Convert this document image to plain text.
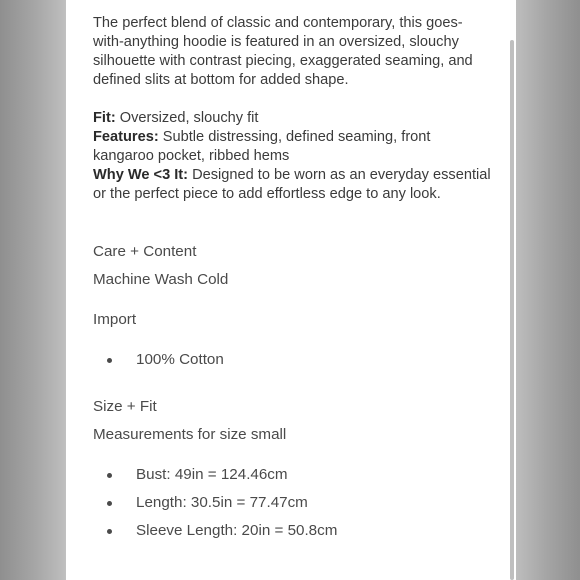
The perfect blend of classic and contemporary, this goes-with-anything hoodie is featured in an oversized, slouchy silhouette with contrast piecing, exaggerated seaming, and defined slits at bottom for added shape.

Fit: Oversized, slouchy fit

Features: Subtle distressing, defined seaming, front kangaroo pocket, ribbed hems

Why We <3 It: Designed to be worn as an everyday essential or the perfect piece to add effortless edge to any look.

Care + Content

Machine Wash Cold

Import

100% Cotton

Size + Fit

Measurements for size small

Bust: 49in = 124.46cm
Length: 30.5in = 77.47cm
Sleeve Length: 20in = 50.8cm
